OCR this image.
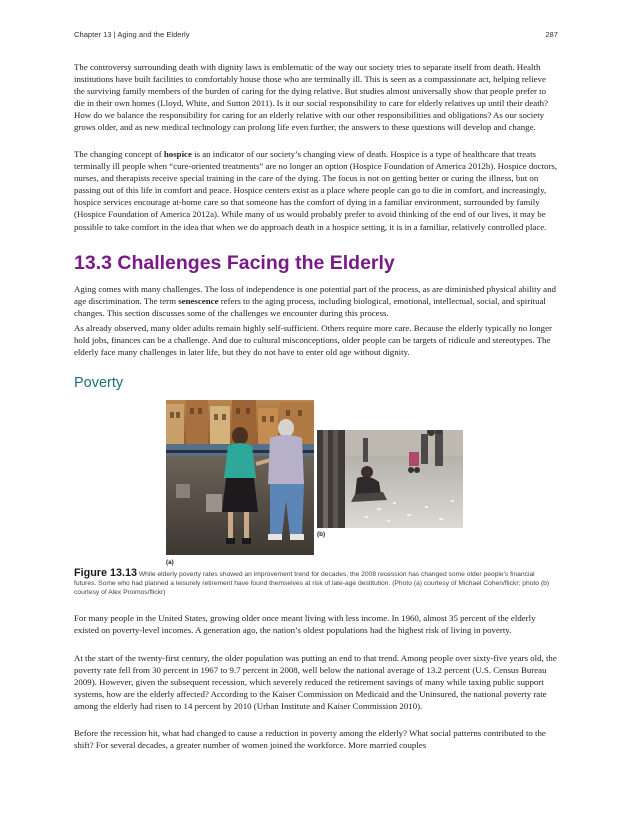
Chapter 13 | Aging and the Elderly	287

The controversy surrounding death with dignity laws is emblematic of the way our society tries to separate itself from death. Health institutions have built facilities to comfortably house those who are terminally ill. This is seen as a compassionate act, helping relieve the surviving family members of the burden of caring for the dying relative. But studies almost universally show that people prefer to die in their own homes (Lloyd, White, and Sutton 2011). Is it our social responsibility to care for elderly relatives up until their death? How do we balance the responsibility for caring for an elderly relative with our other responsibilities and obligations? As our society grows older, and as new medical technology can prolong life even further, the answers to these questions will develop and change.

The changing concept of hospice is an indicator of our society’s changing view of death. Hospice is a type of healthcare that treats terminally ill people when “cure-oriented treatments” are no longer an option (Hospice Foundation of America 2012b). Hospice doctors, nurses, and therapists receive special training in the care of the dying. The focus is not on getting better or curing the illness, but on passing out of this life in comfort and peace. Hospice centers exist as a place where people can go to die in comfort, and increasingly, hospice services encourage at-home care so that someone has the comfort of dying in a familiar environment, surrounded by family (Hospice Foundation of America 2012a). While many of us would probably prefer to avoid thinking of the end of our lives, it may be possible to take comfort in the idea that when we do approach death in a hospice setting, it is in a familiar, relatively controlled place.

13.3 Challenges Facing the Elderly

Aging comes with many challenges. The loss of independence is one potential part of the process, as are diminished physical ability and age discrimination. The term senescence refers to the aging process, including biological, emotional, intellectual, social, and spiritual changes. This section discusses some of the challenges we encounter during this process.

As already observed, many older adults remain highly self-sufficient. Others require more care. Because the elderly typically no longer hold jobs, finances can be a challenge. And due to cultural misconceptions, older people can be targets of ridicule and stereotypes. The elderly face many challenges in later life, but they do not have to enter old age without dignity.

Poverty
(b)
(a)

Figure 13.13 While elderly poverty rates showed an improvement trend for decades, the 2008 recession has changed some older people’s financial futures. Some who had planned a leisurely retirement have found themselves at risk of late-age destitution. (Photo (a) courtesy of Michael Cohen/flickr; photo (b) courtesy of Alex Proimos/flickr)

For many people in the United States, growing older once meant living with less income. In 1960, almost 35 percent of the elderly existed on poverty-level incomes. A generation ago, the nation’s oldest populations had the highest risk of living in poverty.

At the start of the twenty-first century, the older population was putting an end to that trend. Among people over sixty-five years old, the poverty rate fell from 30 percent in 1967 to 9.7 percent in 2008, well below the national average of 13.2 percent (U.S. Census Bureau 2009). However, given the subsequent recession, which severely reduced the retirement savings of many while taxing public support systems, how are the elderly affected? According to the Kaiser Commission on Medicaid and the Uninsured, the national poverty rate among the elderly had risen to 14 percent by 2010 (Urban Institute and Kaiser Commission 2010).

Before the recession hit, what had changed to cause a reduction in poverty among the elderly? What social patterns contributed to the shift? For several decades, a greater number of women joined the workforce. More married couples
